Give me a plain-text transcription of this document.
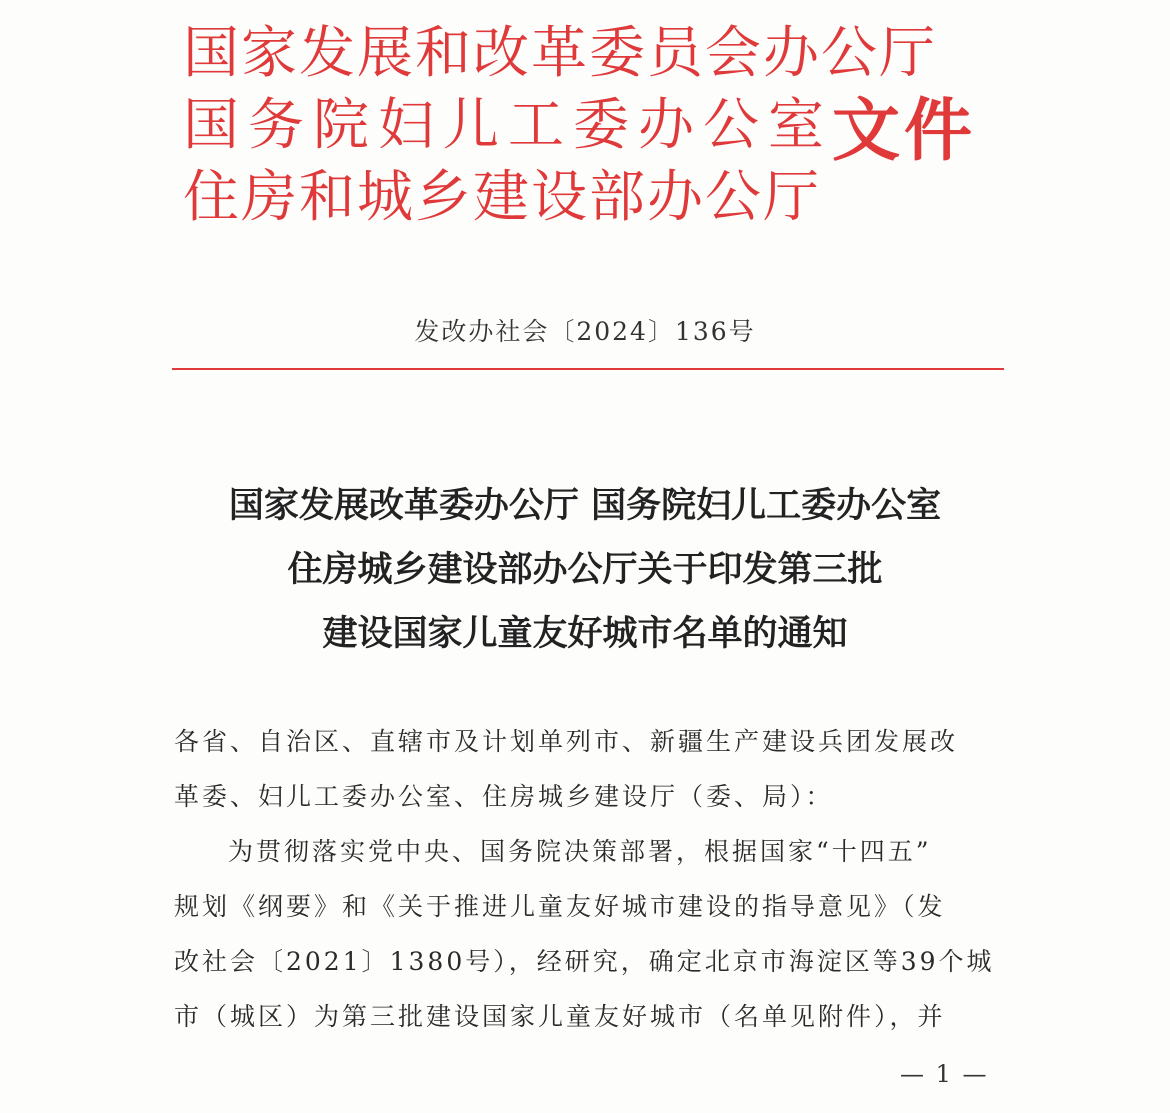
国家发展和改革委员会办公厅
国务院妇儿工委办公室
住房和城乡建设部办公厅
文件
发改办社会〔2024〕136号
国家发展改革委办公厅 国务院妇儿工委办公室
住房城乡建设部办公厅关于印发第三批
建设国家儿童友好城市名单的通知
各省、自治区、直辖市及计划单列市、新疆生产建设兵团发展改
革委、妇儿工委办公室、住房城乡建设厅（委、局）：
为贯彻落实党中央、国务院决策部署，根据国家“十四五”
规划《纲要》和《关于推进儿童友好城市建设的指导意见》（发
改社会〔2021〕1380号），经研究，确定北京市海淀区等39个城
市（城区）为第三批建设国家儿童友好城市（名单见附件），并
— 1 —
